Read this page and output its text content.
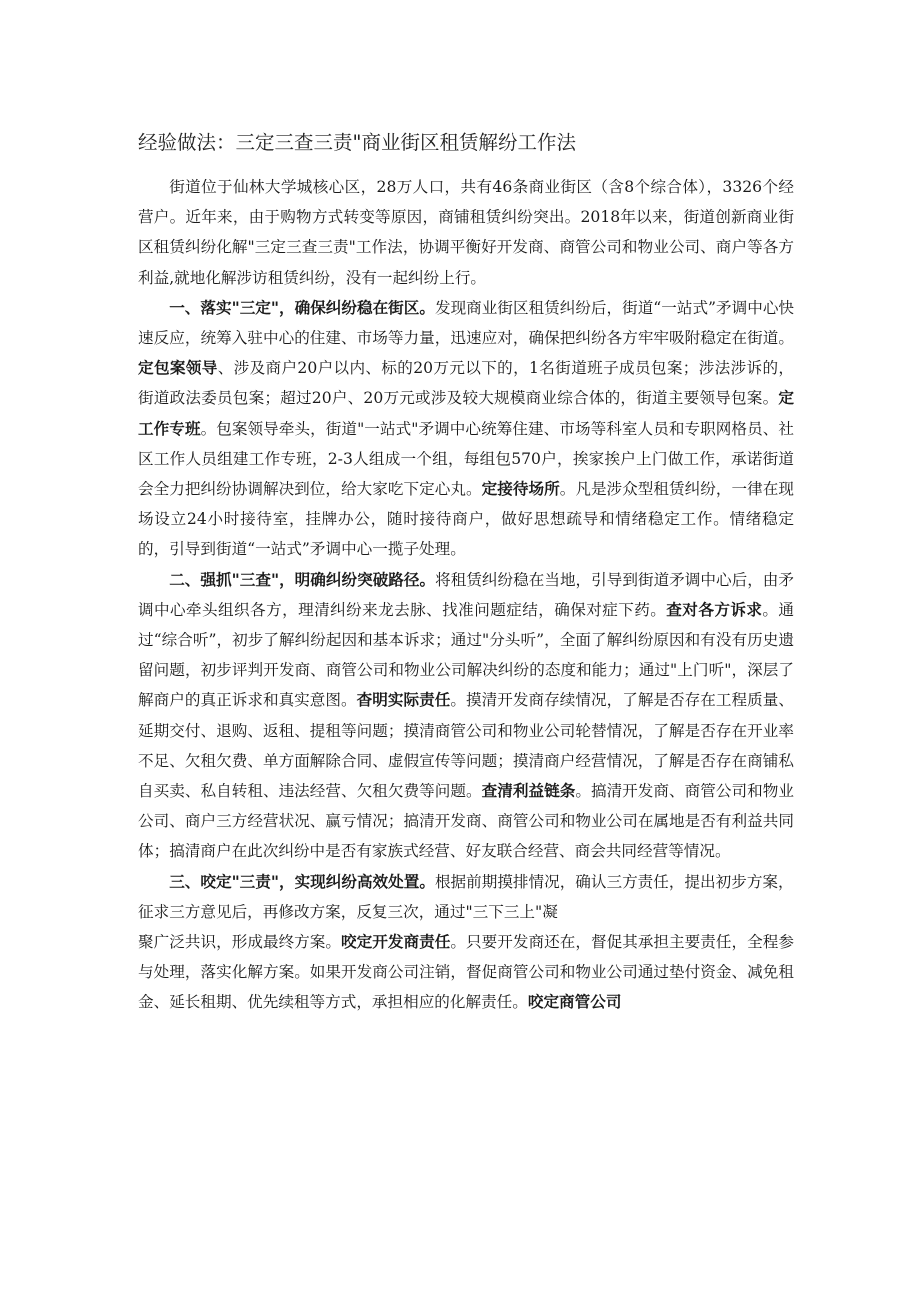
经验做法：三定三查三责"商业街区租赁解纷工作法

街道位于仙林大学城核心区，28万人口，共有46条商业街区（含8个综合体），3326个经营户。近年来，由于购物方式转变等原因，商铺租赁纠纷突出。2018年以来，街道创新商业街区租赁纠纷化解"三定三查三责"工作法，协调平衡好开发商、商管公司和物业公司、商户等各方利益,就地化解涉访租赁纠纷，没有一起纠纷上行。

一、落实"三定"，确保纠纷稳在街区。发现商业街区租赁纠纷后，街道“一站式”矛调中心快速反应，统筹入驻中心的住建、市场等力量，迅速应对，确保把纠纷各方牢牢吸附稳定在街道。定包案领导、涉及商户20户以内、标的20万元以下的，1名街道班子成员包案；涉法涉诉的，街道政法委员包案；超过20户、20万元或涉及较大规模商业综合体的，街道主要领导包案。定工作专班。包案领导牵头，街道"一站式"矛调中心统筹住建、市场等科室人员和专职网格员、社区工作人员组建工作专班，2-3人组成一个组，每组包570户，挨家挨户上门做工作，承诺街道会全力把纠纷协调解决到位，给大家吃下定心丸。定接待场所。凡是涉众型租赁纠纷，一律在现场设立24小时接待室，挂牌办公，随时接待商户，做好思想疏导和情绪稳定工作。情绪稳定的，引导到街道“一站式”矛调中心一揽子处理。

二、强抓"三查"，明确纠纷突破路径。将租赁纠纷稳在当地，引导到街道矛调中心后，由矛调中心牵头组织各方，理清纠纷来龙去脉、找准问题症结，确保对症下药。查对各方诉求。通过“综合听”，初步了解纠纷起因和基本诉求；通过"分头听”，全面了解纠纷原因和有没有历史遗留问题，初步评判开发商、商管公司和物业公司解决纠纷的态度和能力；通过"上门听"，深层了解商户的真正诉求和真实意图。杳明实际责任。摸清开发商存续情况，了解是否存在工程质量、延期交付、退购、返租、提租等问题；摸清商管公司和物业公司轮替情况，了解是否存在开业率不足、欠租欠费、单方面解除合同、虚假宣传等问题；摸清商户经营情况，了解是否存在商铺私自买卖、私自转租、违法经营、欠租欠费等问题。查清利益链条。搞清开发商、商管公司和物业公司、商户三方经营状况、赢亏情况；搞清开发商、商管公司和物业公司在属地是否有利益共同体；搞清商户在此次纠纷中是否有家族式经营、好友联合经营、商会共同经营等情况。

三、咬定"三责"，实现纠纷高效处置。根据前期摸排情况，确认三方责任，提出初步方案，征求三方意见后，再修改方案，反复三次，通过"三下三上"凝

聚广泛共识，形成最终方案。咬定开发商责任。只要开发商还在，督促其承担主要责任，全程参与处理，落实化解方案。如果开发商公司注销，督促商管公司和物业公司通过垫付资金、减免租金、延长租期、优先续租等方式，承担相应的化解责任。咬定商管公司
